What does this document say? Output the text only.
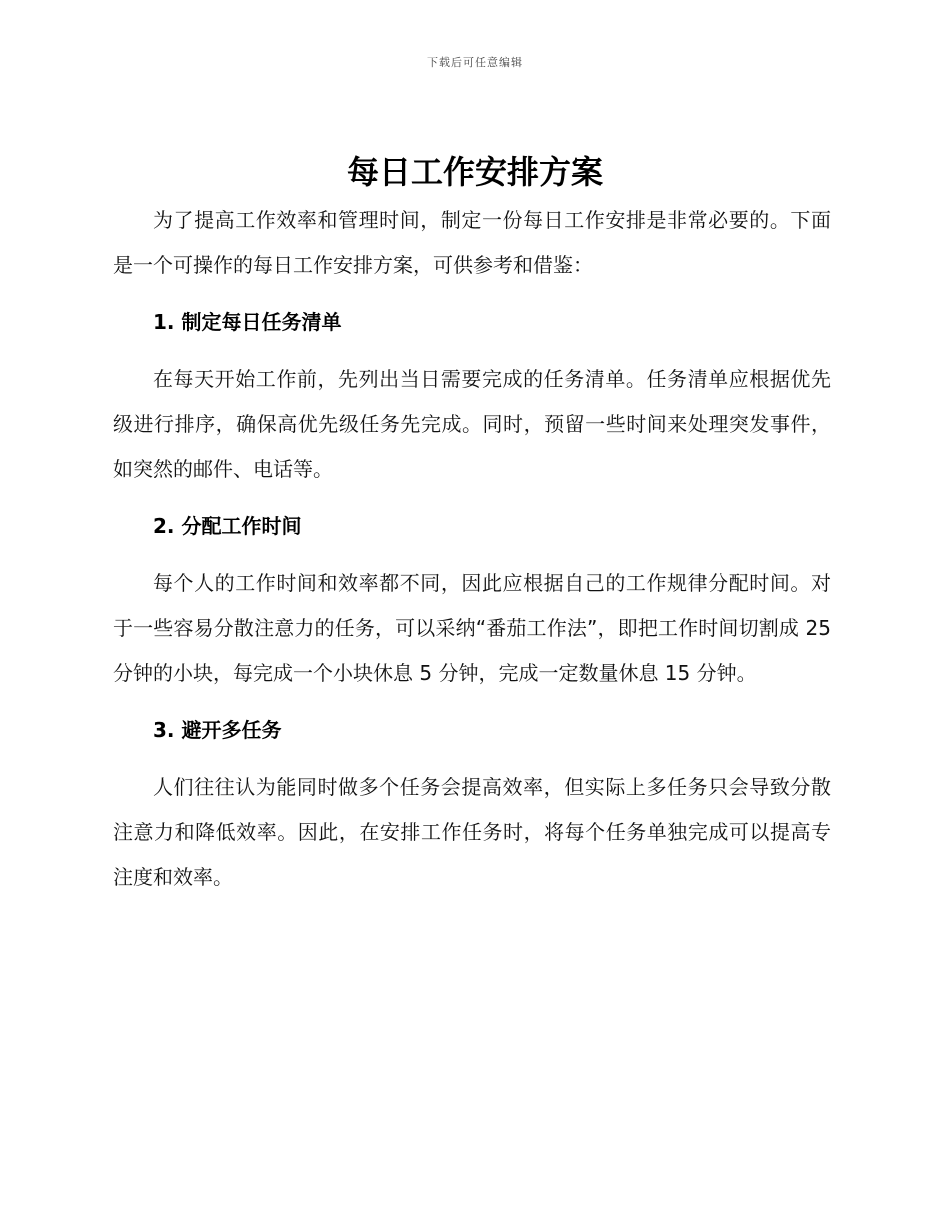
下载后可任意编辑
每日工作安排方案

为了提高工作效率和管理时间，制定一份每日工作安排是非常必要的。下面是一个可操作的每日工作安排方案，可供参考和借鉴：

1. 制定每日任务清单

在每天开始工作前，先列出当日需要完成的任务清单。任务清单应根据优先级进行排序，确保高优先级任务先完成。同时，预留一些时间来处理突发事件，如突然的邮件、电话等。

2. 分配工作时间

每个人的工作时间和效率都不同，因此应根据自己的工作规律分配时间。对于一些容易分散注意力的任务，可以采纳“番茄工作法”，即把工作时间切割成 25 分钟的小块，每完成一个小块休息 5 分钟，完成一定数量休息 15 分钟。

3. 避开多任务

人们往往认为能同时做多个任务会提高效率，但实际上多任务只会导致分散注意力和降低效率。因此，在安排工作任务时，将每个任务单独完成可以提高专注度和效率。
